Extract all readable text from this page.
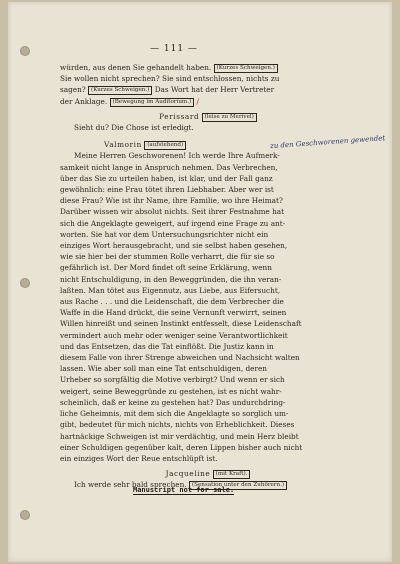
— 111 —
würden, aus denen Sie gehandelt haben. (Kurzes Schweigen.)
Sie wollen nicht sprechen? Sie sind entschlossen, nichts zu
sagen? (Kurzes Schweigen.) Das Wort hat der Herr Vertreter
der Anklage. (Bewegung im Auditorium.) /
Perissard (leise zu Merivel)
Sieht du? Die Chose ist erledigt.
Valmorin (aufstehend)
Meine Herren Geschworenen! Ich werde Ihre Aufmerk-
samkeit nicht lange in Anspruch nehmen. Das Verbrechen,
über das Sie zu urteilen haben, ist klar, und der Fall ganz
gewöhnlich: eine Frau tötet ihren Liebhaber. Aber wer ist
diese Frau? Wie ist ihr Name, ihre Familie, wo ihre Heimat?
Darüber wissen wir absolut nichts. Seit ihrer Festnahme hat
sich die Angeklagte geweigert, auf irgend eine Frage zu ant-
worten. Sie hat vor dem Untersuchungsrichter nicht ein
einziges Wort herausgebracht, und sie selbst haben gesehen,
wie sie hier bei der stummen Rolle verharrt, die für sie so
gefährlich ist. Der Mord findet oft seine Erklärung, wenn
nicht Entschuldigung, in den Beweggründen, die ihn veran-
laßten. Man tötet aus Eigennutz, aus Liebe, aus Eifersucht,
aus Rache . . . und die Leidenschaft, die dem Verbrecher die
Waffe in die Hand drückt, die seine Vernunft verwirrt, seinen
Willen hinreißt und seinen Instinkt entfesselt, diese Leidenschaft
vermindert auch mehr oder weniger seine Verantwortlichkeit
und das Entsetzen, das die Tat einflößt. Die Justiz kann in
diesem Falle von ihrer Strenge abweichen und Nachsicht walten
lassen. Wie aber soll man eine Tat entschuldigen, deren
Urheber so sorgfältig die Motive verbirgt? Und wenn er sich
weigert, seine Beweggründe zu gestehen, ist es nicht wahr-
scheinlich, daß er keine zu gestehen hat? Das undurchdring-
liche Geheimnis, mit dem sich die Angeklagte so sorglich um-
gibt, bedeutet für mich nichts, nichts von Erheblichkeit. Dieses
hartnäckige Schweigen ist mir verdächtig, und mein Herz bleibt
einer Schuldigen gegenüber kalt, deren Lippen bisher auch nicht
ein einziges Wort der Reue entschlüpft ist.
Jacqueline (mit Kraft).
Ich werde sehr bald sprechen. (Sensation unter den Zuhörern.)
zu den Geschworenen gewendet
Manuscript not for sale.
